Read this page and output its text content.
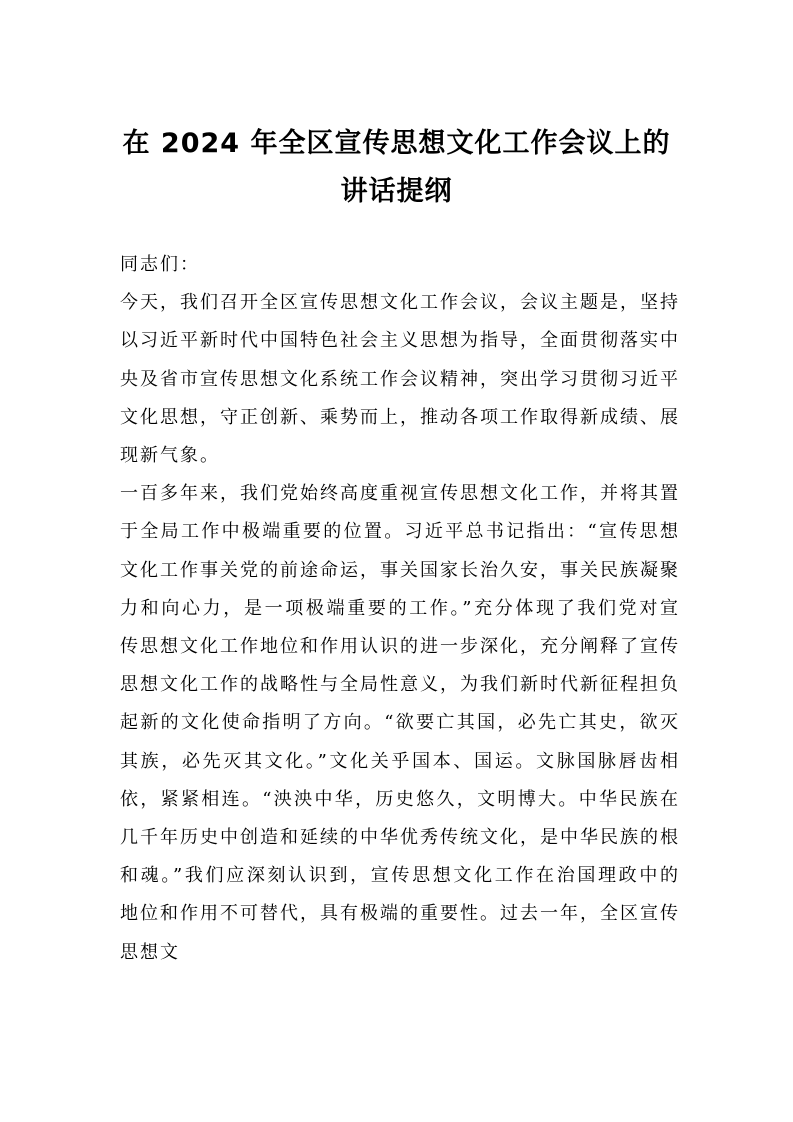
在 2024 年全区宣传思想文化工作会议上的
讲话提纲

同志们：

今天，我们召开全区宣传思想文化工作会议，会议主题是，坚持以习近平新时代中国特色社会主义思想为指导，全面贯彻落实中央及省市宣传思想文化系统工作会议精神，突出学习贯彻习近平文化思想，守正创新、乘势而上，推动各项工作取得新成绩、展现新气象。

一百多年来，我们党始终高度重视宣传思想文化工作，并将其置于全局工作中极端重要的位置。习近平总书记指出：“宣传思想文化工作事关党的前途命运，事关国家长治久安，事关民族凝聚力和向心力，是一项极端重要的工作。”充分体现了我们党对宣传思想文化工作地位和作用认识的进一步深化，充分阐释了宣传思想文化工作的战略性与全局性意义，为我们新时代新征程担负起新的文化使命指明了方向。“欲要亡其国，必先亡其史，欲灭其族，必先灭其文化。”文化关乎国本、国运。文脉国脉唇齿相依，紧紧相连。“泱泱中华，历史悠久，文明博大。中华民族在几千年历史中创造和延续的中华优秀传统文化，是中华民族的根和魂。”我们应深刻认识到，宣传思想文化工作在治国理政中的地位和作用不可替代，具有极端的重要性。过去一年，全区宣传思想文
